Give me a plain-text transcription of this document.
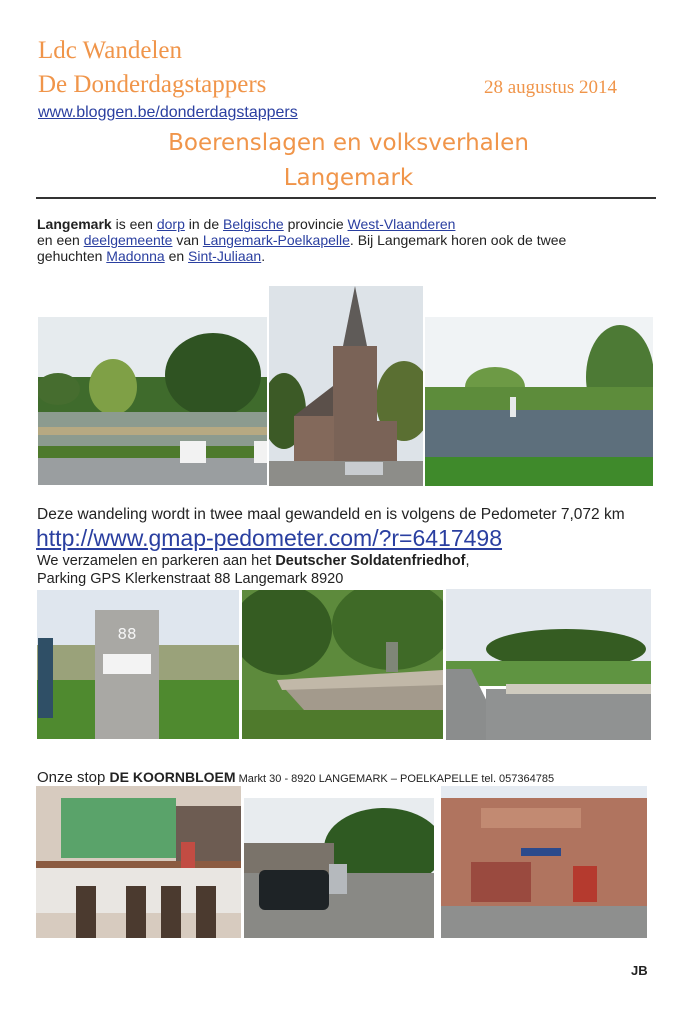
Ldc Wandelen
De Donderdagstappers	28 augustus 2014
www.bloggen.be/donderdagstappers
Boerenslagen en volksverhalen
Langemark

Langemark is een dorp in de Belgische provincie West-Vlaanderen

en een deelgemeente van Langemark-Poelkapelle. Bij Langemark horen ook de twee

gehuchten Madonna en Sint-Juliaan.

Deze wandeling wordt in twee maal gewandeld en is volgens de Pedometer 7,072 km
http://www.gmap-pedometer.com/?r=6417498
We verzamelen en parkeren aan het Deutscher Soldatenfriedhof,
Parking GPS Klerkenstraat 88 Langemark 8920
88
Onze stop DE KOORNBLOEM Markt 30 - 8920 LANGEMARK – POELKAPELLE tel. 057364785
JB
